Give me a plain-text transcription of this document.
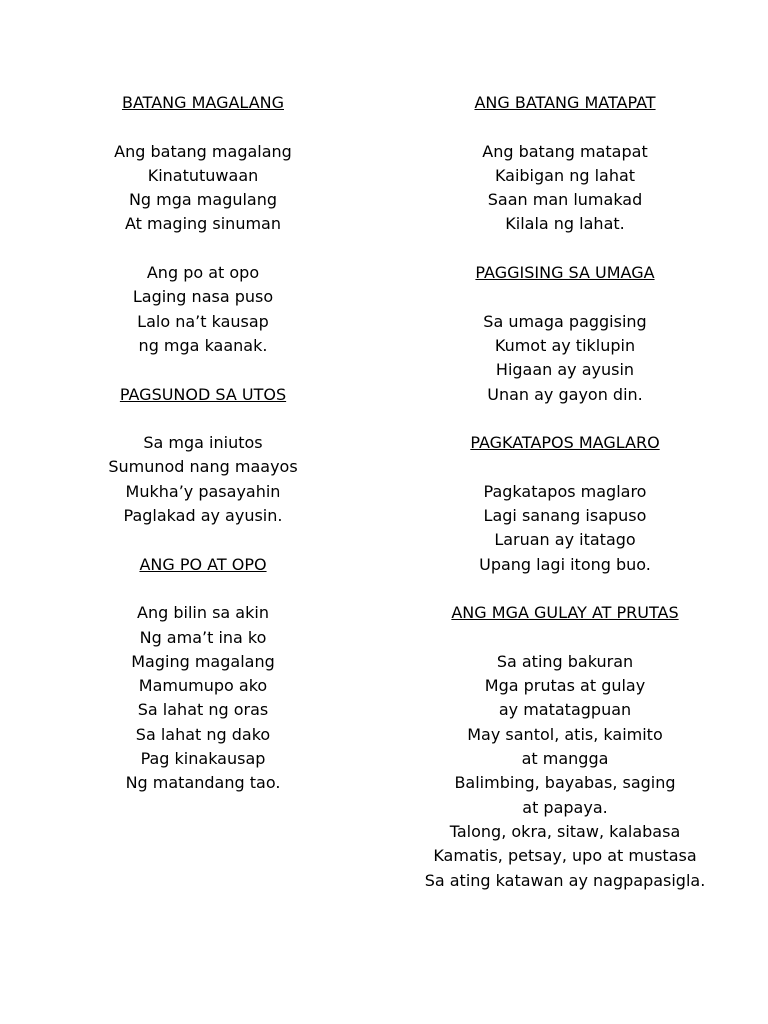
BATANG MAGALANG
Ang batang magalang
Kinatutuwaan
Ng mga magulang
At maging sinuman
Ang po at opo
Laging nasa puso
Lalo na’t kausap
ng mga kaanak.
PAGSUNOD SA UTOS
Sa mga iniutos
Sumunod nang maayos
Mukha’y pasayahin
Paglakad ay ayusin.
ANG PO AT OPO
Ang bilin sa akin
Ng ama’t ina ko
Maging magalang
Mamumupo ako
Sa lahat ng oras
Sa lahat ng dako
Pag kinakausap
Ng matandang tao.
ANG BATANG MATAPAT
Ang batang matapat
Kaibigan ng lahat
Saan man lumakad
Kilala ng lahat.
PAGGISING SA UMAGA
Sa umaga paggising
Kumot ay tiklupin
Higaan ay ayusin
Unan ay gayon din.
PAGKATAPOS MAGLARO
Pagkatapos maglaro
Lagi sanang isapuso
Laruan ay itatago
Upang lagi itong buo.
ANG MGA GULAY AT PRUTAS
Sa ating bakuran
Mga prutas at gulay
ay matatagpuan
May santol, atis, kaimito
at mangga
Balimbing, bayabas, saging
at papaya.
Talong, okra, sitaw, kalabasa
Kamatis, petsay, upo at mustasa
Sa ating katawan ay nagpapasigla.
